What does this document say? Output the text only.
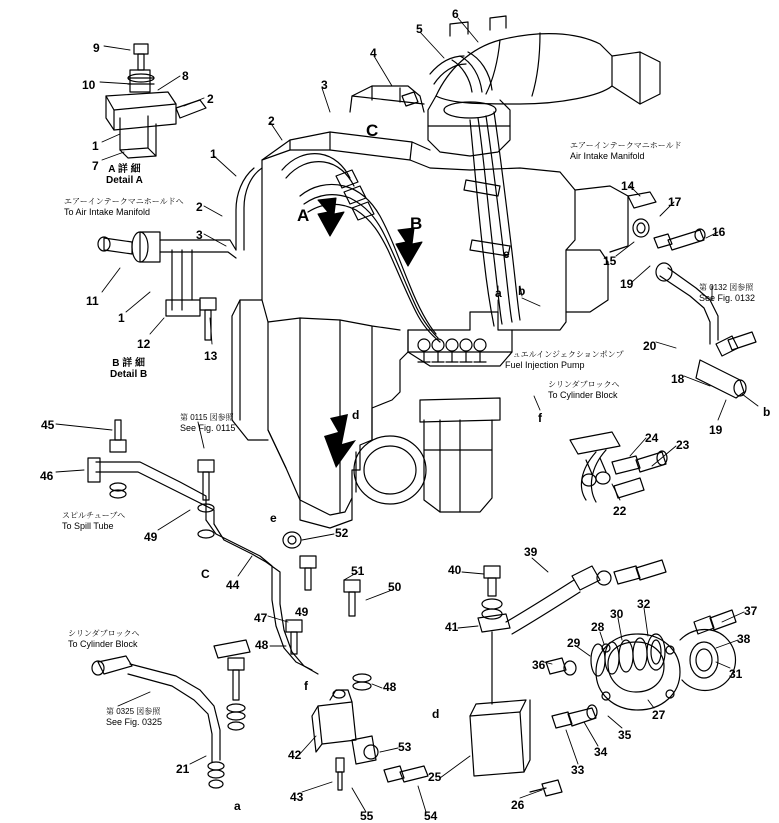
9
10
8
2
1
7
2
3
1
2
3
11
1
12
13
4
5
6
14
17
16
15
19
20
18
19
b
a b
e
f
24 23
22
45
46
49
C
44
e
52
51
50
47 49
48
48
f
21
a
42
43
53
55	54
40
41
39
36
29
28
30
32	37
38
31
27
35
34
33
25
26
d
d
A	B
C
エアーインテークマニホールド
Air Intake Manifold
エアーインテークマニホールドへ
To Air Intake Manifold
フュエルインジェクションポンプ
Fuel Injection Pump
シリンダブロックへ
To Cylinder Block
スピルチューブへ
To Spill Tube
シリンダブロックへ
To Cylinder Block
第 0132 図参照
See Fig. 0132
第 0115 図参照
See Fig. 0115
第 0325 図参照
See Fig. 0325
A 詳 細
Detail A
B 詳 細
Detail B
